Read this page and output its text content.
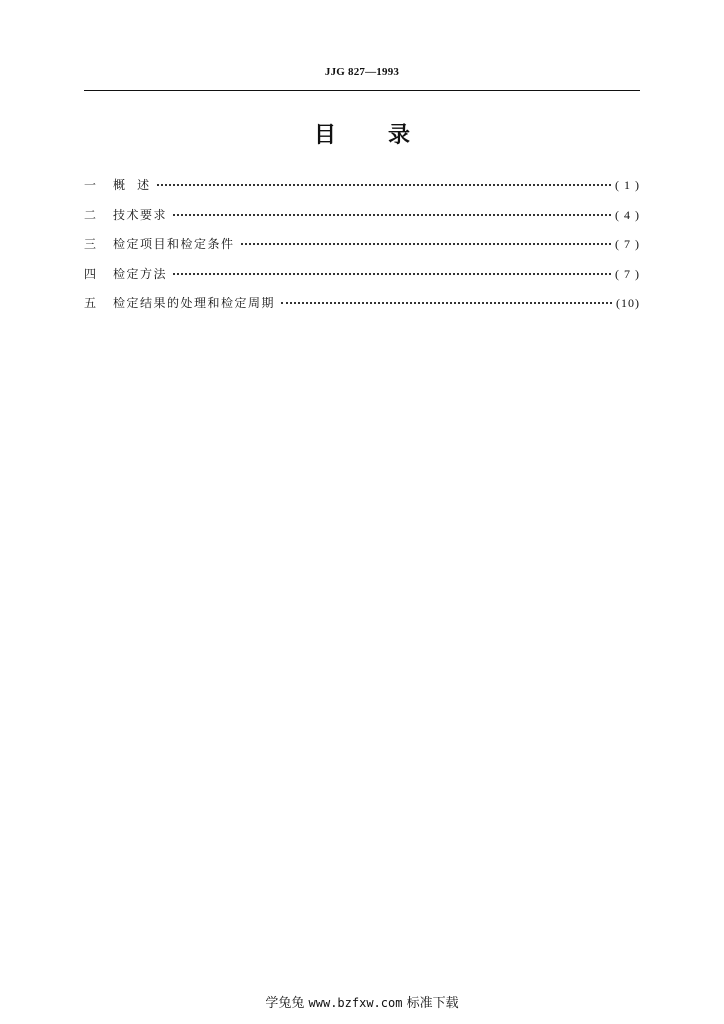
JJG 827—1993
目 录
一	概  述	( 1 )
二	技术要求	( 4 )
三	检定项目和检定条件	( 7 )
四	检定方法	( 7 )
五	检定结果的处理和检定周期	(10)
学兔兔 www.bzfxw.com 标准下载
